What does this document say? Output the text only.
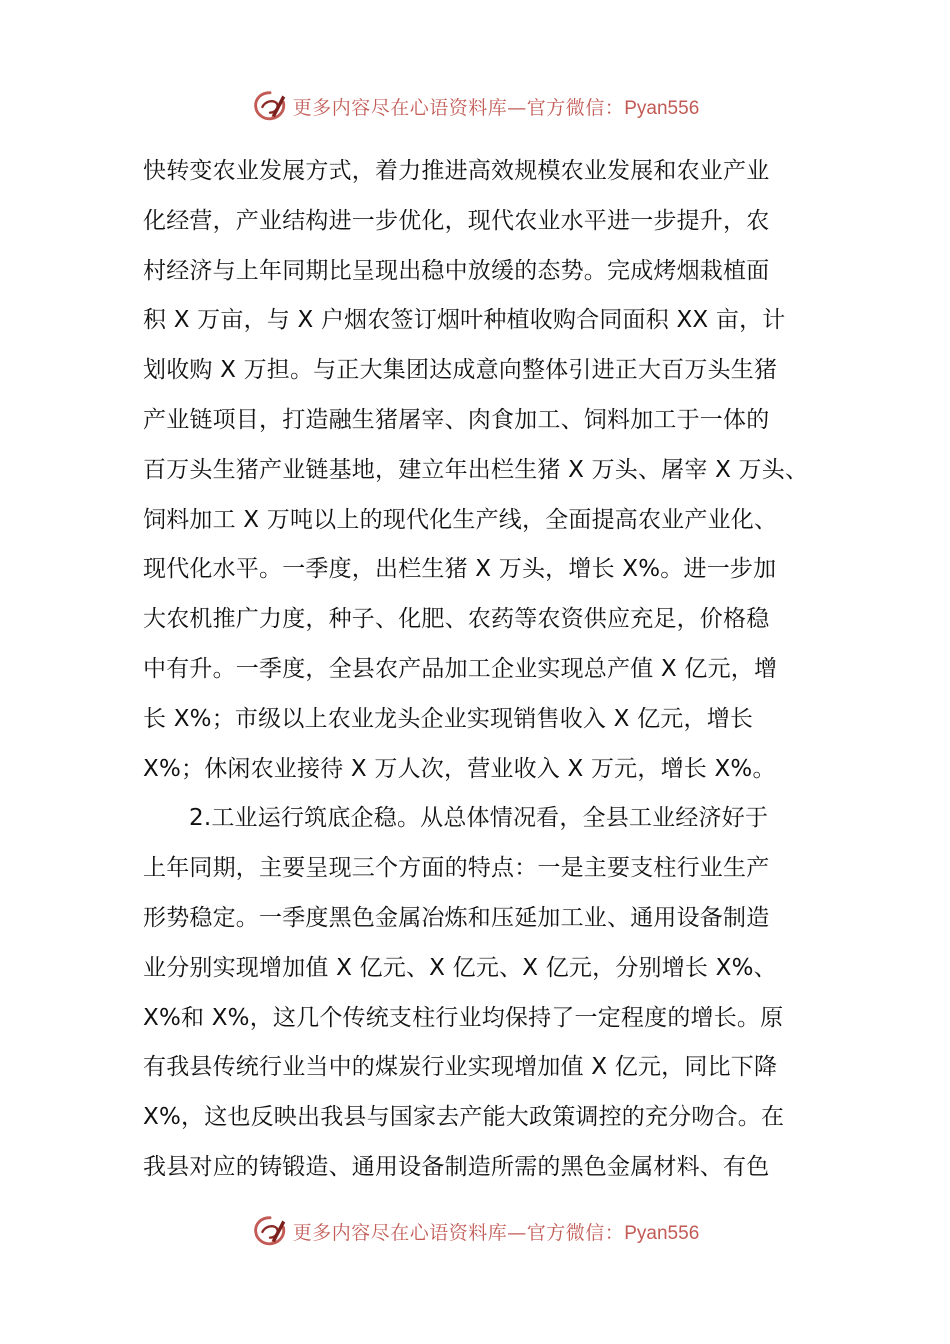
更多内容尽在心语资料库—官方微信：Pyan556
快转变农业发展方式，着力推进高效规模农业发展和农业产业
化经营，产业结构进一步优化，现代农业水平进一步提升，农
村经济与上年同期比呈现出稳中放缓的态势。完成烤烟栽植面
积 X 万亩，与 X 户烟农签订烟叶种植收购合同面积 XX 亩，计
划收购 X 万担。与正大集团达成意向整体引进正大百万头生猪
产业链项目，打造融生猪屠宰、肉食加工、饲料加工于一体的
百万头生猪产业链基地，建立年出栏生猪 X 万头、屠宰 X 万头、
饲料加工 X 万吨以上的现代化生产线，全面提高农业产业化、
现代化水平。一季度，出栏生猪 X 万头，增长 X%。进一步加
大农机推广力度，种子、化肥、农药等农资供应充足，价格稳
中有升。一季度，全县农产品加工企业实现总产值 X 亿元，增
长 X%；市级以上农业龙头企业实现销售收入 X 亿元，增长
X%；休闲农业接待 X 万人次，营业收入 X 万元，增长 X%。
2.工业运行筑底企稳。从总体情况看，全县工业经济好于
上年同期，主要呈现三个方面的特点：一是主要支柱行业生产
形势稳定。一季度黑色金属冶炼和压延加工业、通用设备制造
业分别实现增加值 X 亿元、X 亿元、X 亿元，分别增长 X%、
X%和 X%，这几个传统支柱行业均保持了一定程度的增长。原
有我县传统行业当中的煤炭行业实现增加值 X 亿元，同比下降
X%，这也反映出我县与国家去产能大政策调控的充分吻合。在
我县对应的铸锻造、通用设备制造所需的黑色金属材料、有色
更多内容尽在心语资料库—官方微信：Pyan556
